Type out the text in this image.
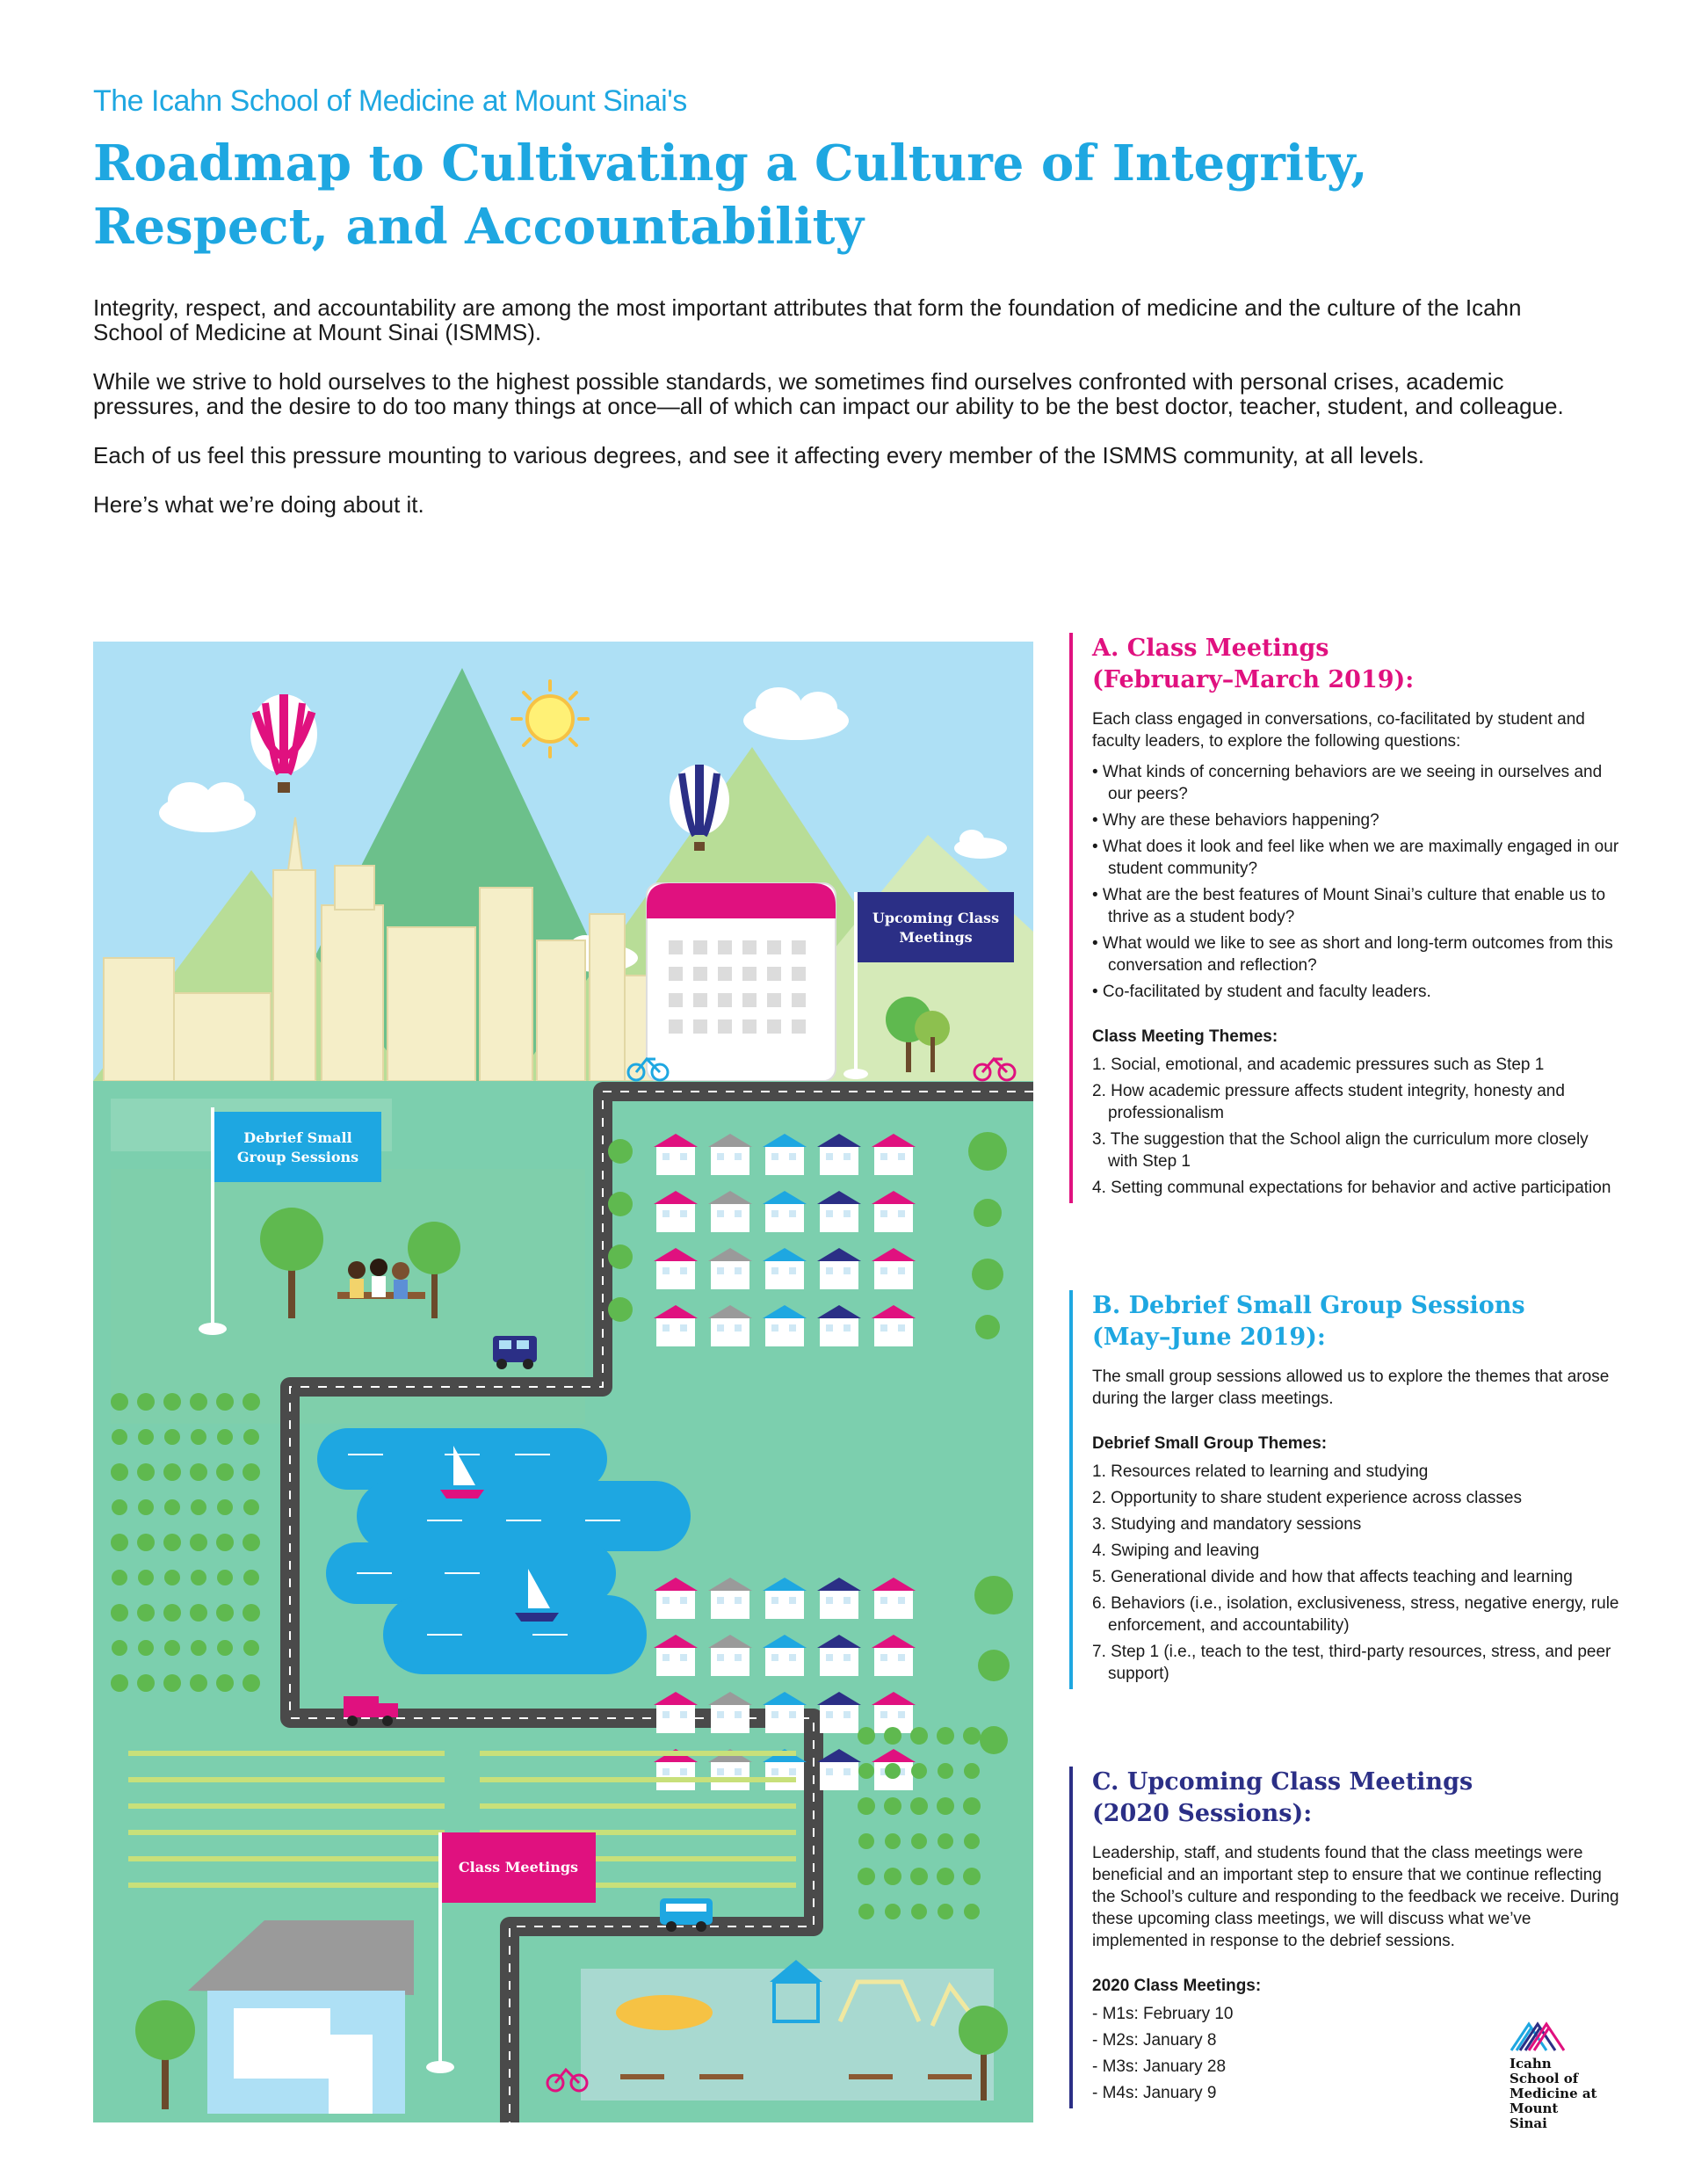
The Icahn School of Medicine at Mount Sinai's
Roadmap to Cultivating a Culture of Integrity, Respect, and Accountability

Integrity, respect, and accountability are among the most important attributes that form the foundation of medicine and the culture of the Icahn School of Medicine at Mount Sinai (ISMMS).

While we strive to hold ourselves to the highest possible standards, we sometimes find ourselves confronted with personal crises, academic pressures, and the desire to do too many things at once—all of which can impact our ability to be the best doctor, teacher, student, and colleague.

Each of us feel this pressure mounting to various degrees, and see it affecting every member of the ISMMS community, at all levels.

Here’s what we’re doing about it.

Upcoming Class
Meetings
Debrief Small
Group Sessions
Class Meetings
A. Class Meetings
(February–March 2019):

Each class engaged in conversations, co-facilitated by student and faculty leaders, to explore the following questions:

• What kinds of concerning behaviors are we seeing in ourselves and our peers?
• Why are these behaviors happening?
• What does it look and feel like when we are maximally engaged in our student community?
• What are the best features of Mount Sinai’s culture that enable us to thrive as a student body?
• What would we like to see as short and long-term outcomes from this conversation and reflection?
• Co-facilitated by student and faculty leaders.
Class Meeting Themes:
1. Social, emotional, and academic pressures such as Step 1
2. How academic pressure affects student integrity, honesty and professionalism
3. The suggestion that the School align the curriculum more closely with Step 1
4. Setting communal expectations for behavior and active participation
B. Debrief Small Group Sessions
(May–June 2019):

The small group sessions allowed us to explore the themes that arose during the larger class meetings.

Debrief Small Group Themes:
1. Resources related to learning and studying
2. Opportunity to share student experience across classes
3. Studying and mandatory sessions
4. Swiping and leaving
5. Generational divide and how that affects teaching and learning
6. Behaviors (i.e., isolation, exclusiveness, stress, negative energy, rule enforcement, and accountability)
7. Step 1 (i.e., teach to the test, third-party resources, stress, and peer support)
C. Upcoming Class Meetings
(2020 Sessions):

Leadership, staff, and students found that the class meetings were beneficial and an important step to ensure that we continue reflecting the School’s culture and responding to the feedback we receive. During these upcoming class meetings, we will discuss what we’ve implemented in response to the debrief sessions.

2020 Class Meetings:
- M1s: February 10
- M2s: January 8
- M3s: January 28
- M4s: January 9
Icahn
School of
Medicine at
Mount
Sinai
